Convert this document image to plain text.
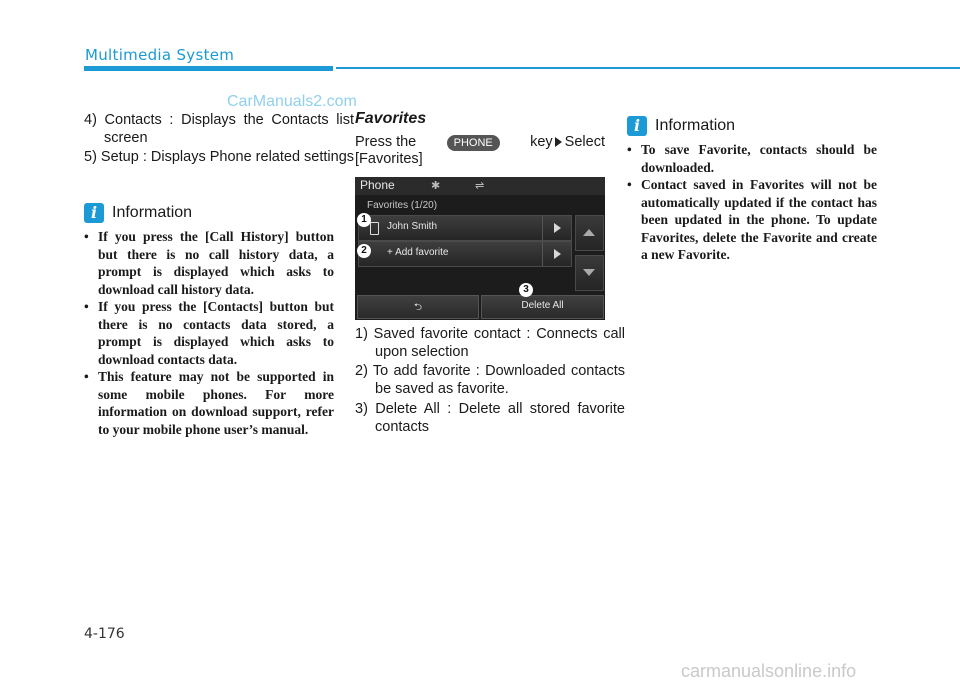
Multimedia System
CarManuals2.com
4) Contacts : Displays the Contacts list screen
5) Setup : Displays Phone related settings
i Information
• If you press the [Call History] button but there is no call history data, a prompt is displayed which asks to download call history data.
• If you press the [Contacts] button but there is no contacts data stored, a prompt is displayed which asks to download contacts data.
• This feature may not be supported in some mobile phones. For more information on download support, refer to your mobile phone user’s manual.
Favorites
Press the	PHONE	key Select
[Favorites]
Phone	✱	⇌
Favorites (1/20)
John Smith
+ Add favorite
⮌	Delete All
1
2
3
1) Saved favorite contact : Connects call upon selection
2) To add favorite : Downloaded contacts be saved as favorite.
3) Delete All : Delete all stored favorite contacts
i Information
• To save Favorite, contacts should be downloaded.
• Contact saved in Favorites will not be automatically updated if the contact has been updated in the phone. To update Favorites, delete the Favorite and create a new Favorite.
4-176
carmanualsonline.info
